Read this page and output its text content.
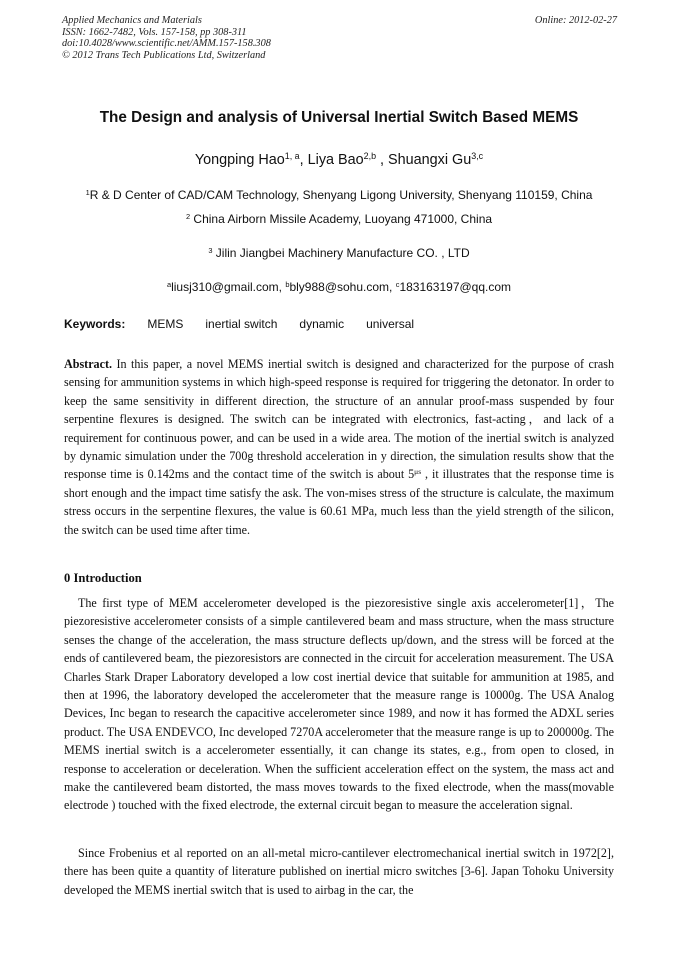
Applied Mechanics and Materials
ISSN: 1662-7482, Vols. 157-158, pp 308-311
doi:10.4028/www.scientific.net/AMM.157-158.308
© 2012 Trans Tech Publications Ltd, Switzerland
Online: 2012-02-27
The Design and analysis of Universal Inertial Switch Based MEMS
Yongping Hao$^{1, a}$, Liya Bao$^{2,b}$ , Shuangxi Gu$^{3,c}$
$^1$R & D Center of CAD/CAM Technology, Shenyang Ligong University, Shenyang 110159, China
$^2$ China Airborn Missile Academy, Luoyang 471000, China
$^3$ Jilin Jiangbei Machinery Manufacture CO. , LTD
$^a$liusj310@gmail.com, $^b$bly988@sohu.com, $^c$183163197@qq.com
Keywords: MEMS inertial switch dynamic universal
Abstract. In this paper, a novel MEMS inertial switch is designed and characterized for the purpose of crash sensing for ammunition systems in which high-speed response is required for triggering the detonator. In order to keep the same sensitivity in different direction, the structure of an annular proof-mass suspended by four serpentine flexures is designed. The switch can be integrated with electronics, fast-acting，and lack of a requirement for continuous power, and can be used in a wide area. The motion of the inertial switch is analyzed by dynamic simulation under the 700g threshold acceleration in y direction, the simulation results show that the response time is 0.142ms and the contact time of the switch is about $5^{\mu s}$ , it illustrates that the response time is short enough and the impact time satisfy the ask. The von-mises stress of the structure is calculate, the maximum stress occurs in the serpentine flexures, the value is 60.61 MPa, much less than the yield strength of the silicon, the switch can be used time after time.
0 Introduction
The first type of MEM accelerometer developed is the piezoresistive single axis accelerometer[1]，The piezoresistive accelerometer consists of a simple cantilevered beam and mass structure, when the mass structure senses the change of the acceleration, the mass structure deflects up/down, and the stress will be forced at the ends of cantilevered beam, the piezoresistors are connected in the circuit for acceleration measurement. The USA Charles Stark Draper Laboratory developed a low cost inertial device that suitable for ammunition at 1985, and then at 1996, the laboratory developed the accelerometer that the measure range is 10000g. The USA Analog Devices, Inc began to research the capacitive accelerometer since 1989, and now it has formed the ADXL series product. The USA ENDEVCO, Inc developed 7270A accelerometer that the measure range is up to 200000g. The MEMS inertial switch is a accelerometer essentially, it can change its states, e.g., from open to closed, in response to acceleration or deceleration. When the sufficient acceleration effect on the system, the mass act and make the cantilevered beam distorted, the mass moves towards to the fixed electrode, when the mass(movable electrode ) touched with the fixed electrode, the external circuit began to measure the acceleration signal.
Since Frobenius et al reported on an all-metal micro-cantilever electromechanical inertial switch in 1972[2], there has been quite a quantity of literature published on inertial micro switches [3-6]. Japan Tohoku University developed the MEMS inertial switch that is used to airbag in the car, the
